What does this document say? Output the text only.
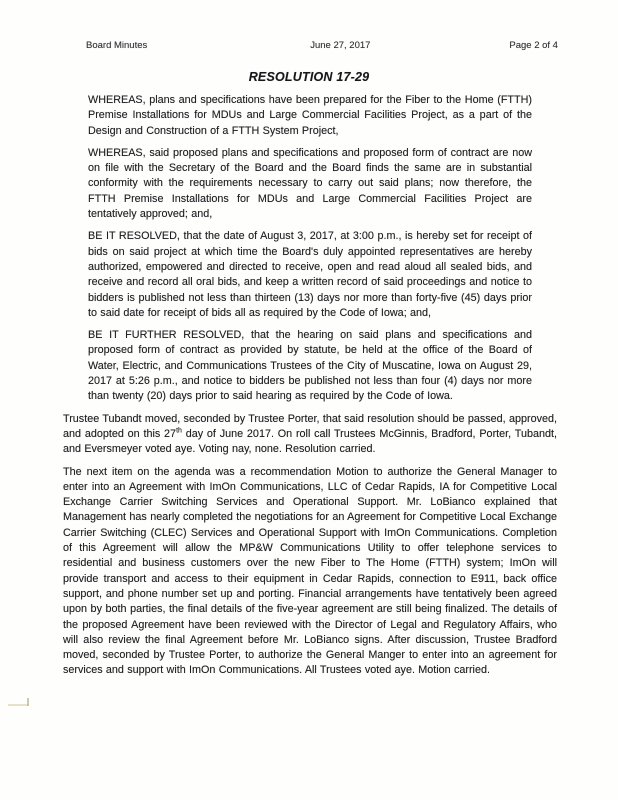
Board Minutes	June 27, 2017	Page 2 of 4
RESOLUTION 17-29

WHEREAS, plans and specifications have been prepared for the Fiber to the Home (FTTH) Premise Installations for MDUs and Large Commercial Facilities Project, as a part of the Design and Construction of a FTTH System Project,

WHEREAS, said proposed plans and specifications and proposed form of contract are now on file with the Secretary of the Board and the Board finds the same are in substantial conformity with the requirements necessary to carry out said plans; now therefore, the FTTH Premise Installations for MDUs and Large Commercial Facilities Project are tentatively approved; and,

BE IT RESOLVED, that the date of August 3, 2017, at 3:00 p.m., is hereby set for receipt of bids on said project at which time the Board's duly appointed representatives are hereby authorized, empowered and directed to receive, open and read aloud all sealed bids, and receive and record all oral bids, and keep a written record of said proceedings and notice to bidders is published not less than thirteen (13) days nor more than forty-five (45) days prior to said date for receipt of bids all as required by the Code of Iowa; and,

BE IT FURTHER RESOLVED, that the hearing on said plans and specifications and proposed form of contract as provided by statute, be held at the office of the Board of Water, Electric, and Communications Trustees of the City of Muscatine, Iowa on August 29, 2017 at 5:26 p.m., and notice to bidders be published not less than four (4) days nor more than twenty (20) days prior to said hearing as required by the Code of Iowa.

Trustee Tubandt moved, seconded by Trustee Porter, that said resolution should be passed, approved, and adopted on this 27th day of June 2017. On roll call Trustees McGinnis, Bradford, Porter, Tubandt, and Eversmeyer voted aye. Voting nay, none. Resolution carried.

The next item on the agenda was a recommendation Motion to authorize the General Manager to enter into an Agreement with ImOn Communications, LLC of Cedar Rapids, IA for Competitive Local Exchange Carrier Switching Services and Operational Support. Mr. LoBianco explained that Management has nearly completed the negotiations for an Agreement for Competitive Local Exchange Carrier Switching (CLEC) Services and Operational Support with ImOn Communications. Completion of this Agreement will allow the MP&W Communications Utility to offer telephone services to residential and business customers over the new Fiber to The Home (FTTH) system; ImOn will provide transport and access to their equipment in Cedar Rapids, connection to E911, back office support, and phone number set up and porting. Financial arrangements have tentatively been agreed upon by both parties, the final details of the five-year agreement are still being finalized. The details of the proposed Agreement have been reviewed with the Director of Legal and Regulatory Affairs, who will also review the final Agreement before Mr. LoBianco signs. After discussion, Trustee Bradford moved, seconded by Trustee Porter, to authorize the General Manger to enter into an agreement for services and support with ImOn Communications. All Trustees voted aye. Motion carried.
